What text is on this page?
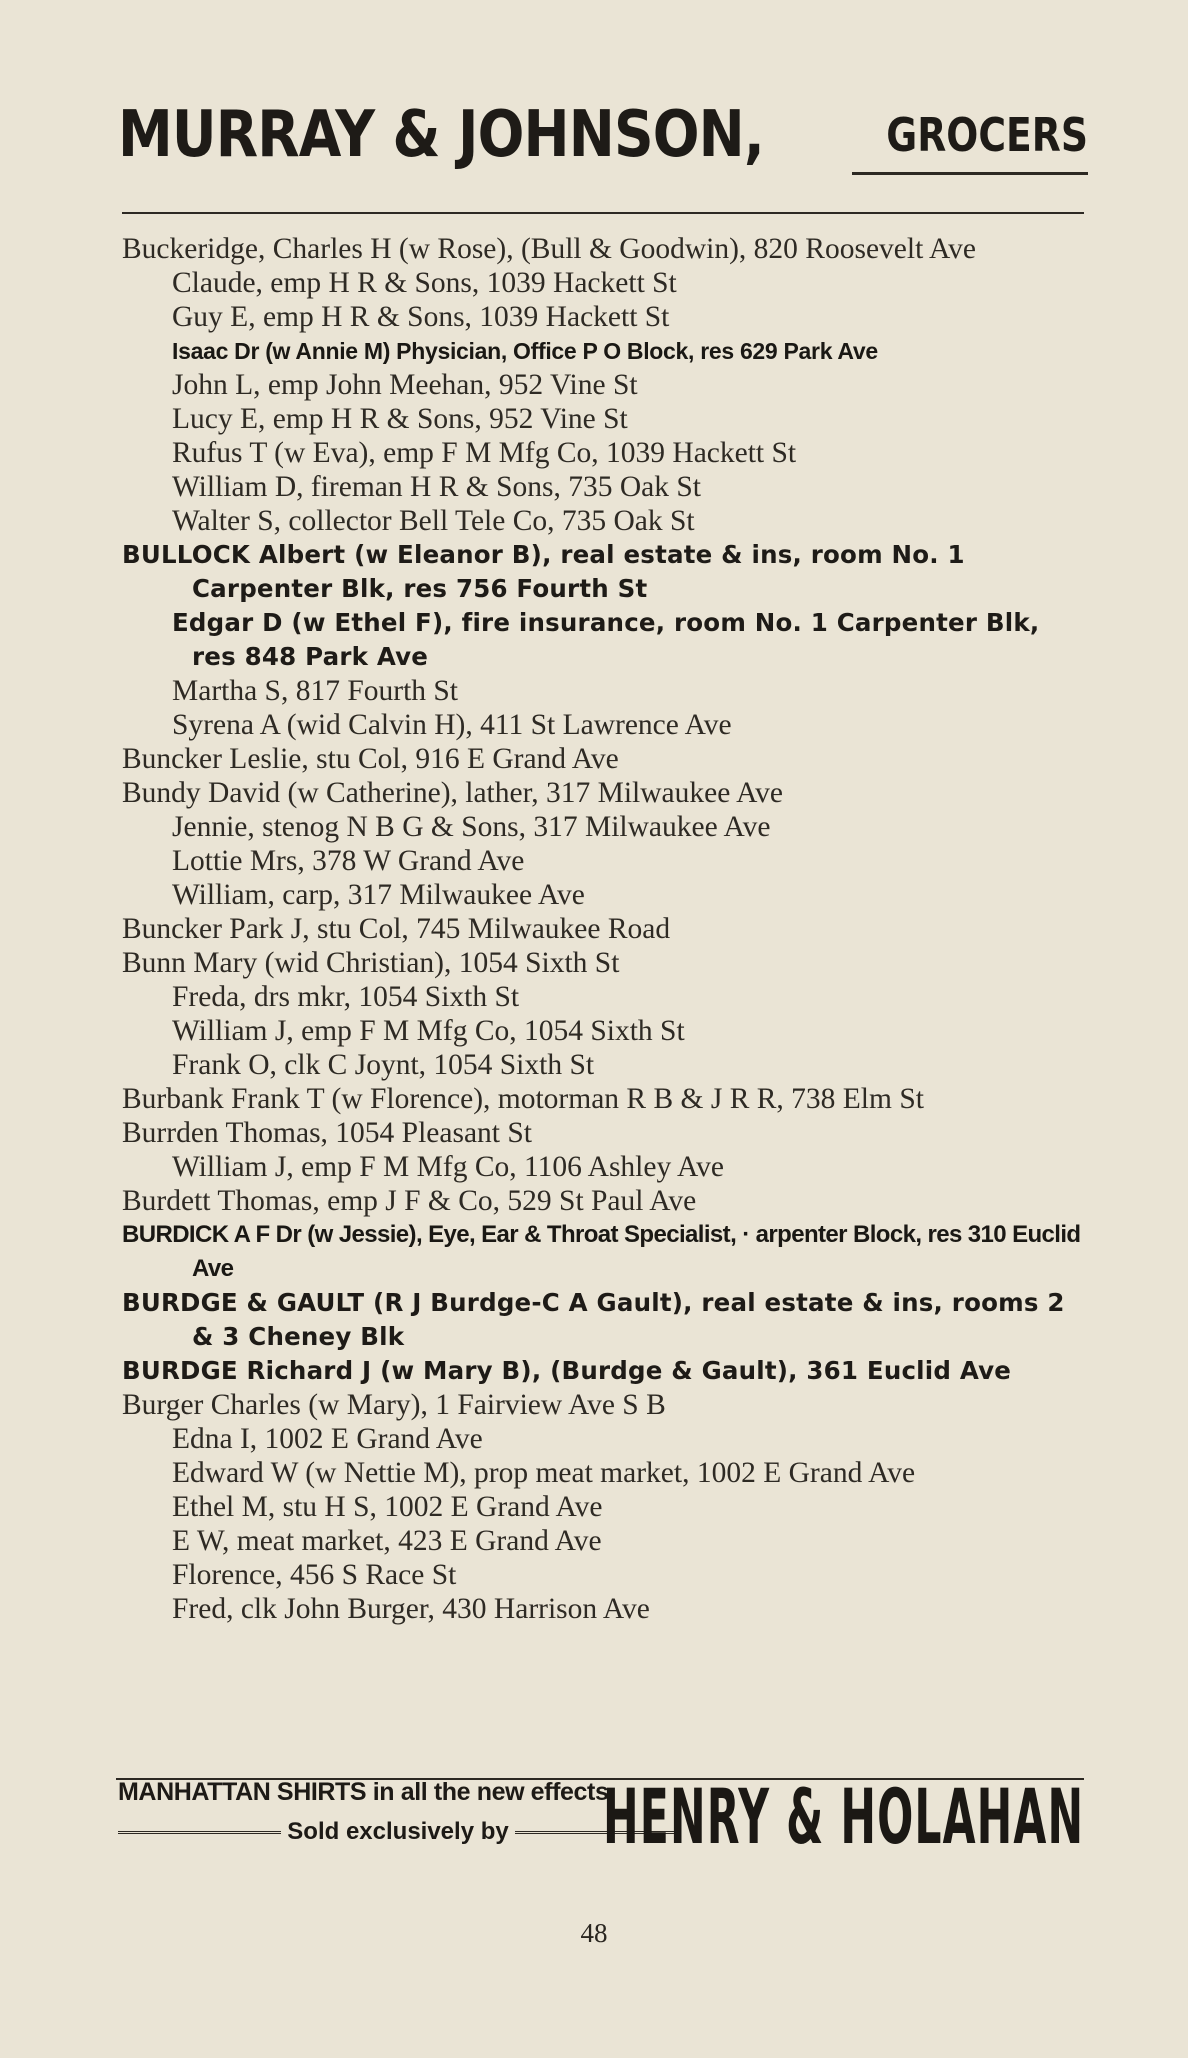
MURRAY & JOHNSON,	GROCERS
Buckeridge, Charles H (w Rose), (Bull & Goodwin), 820 Roosevelt Ave
Claude, emp H R & Sons, 1039 Hackett St
Guy E, emp H R & Sons, 1039 Hackett St
Isaac Dr (w Annie M) Physician, Office P O Block, res 629 Park Ave
John L, emp John Meehan, 952 Vine St
Lucy E, emp H R & Sons, 952 Vine St
Rufus T (w Eva), emp F M Mfg Co, 1039 Hackett St
William D, fireman H R & Sons, 735 Oak St
Walter S, collector Bell Tele Co, 735 Oak St
BULLOCK Albert (w Eleanor B), real estate & ins, room No. 1 Carpenter Blk, res 756 Fourth St
Edgar D (w Ethel F), fire insurance, room No. 1 Carpenter Blk, res 848 Park Ave
Martha S, 817 Fourth St
Syrena A (wid Calvin H), 411 St Lawrence Ave
Buncker Leslie, stu Col, 916 E Grand Ave
Bundy David (w Catherine), lather, 317 Milwaukee Ave
Jennie, stenog N B G & Sons, 317 Milwaukee Ave
Lottie Mrs, 378 W Grand Ave
William, carp, 317 Milwaukee Ave
Buncker Park J, stu Col, 745 Milwaukee Road
Bunn Mary (wid Christian), 1054 Sixth St
Freda, drs mkr, 1054 Sixth St
William J, emp F M Mfg Co, 1054 Sixth St
Frank O, clk C Joynt, 1054 Sixth St
Burbank Frank T (w Florence), motorman R B & J R R, 738 Elm St
Burrden Thomas, 1054 Pleasant St
William J, emp F M Mfg Co, 1106 Ashley Ave
Burdett Thomas, emp J F & Co, 529 St Paul Ave
BURDICK A F Dr (w Jessie), Eye, Ear & Throat Specialist, · arpenter Block, res 310 Euclid Ave
BURDGE & GAULT (R J Burdge-C A Gault), real estate & ins, rooms 2 & 3 Cheney Blk
BURDGE Richard J (w Mary B), (Burdge & Gault), 361 Euclid Ave
Burger Charles (w Mary), 1 Fairview Ave S B
Edna I, 1002 E Grand Ave
Edward W (w Nettie M), prop meat market, 1002 E Grand Ave
Ethel M, stu H S, 1002 E Grand Ave
E W, meat market, 423 E Grand Ave
Florence, 456 S Race St
Fred, clk John Burger, 430 Harrison Ave
MANHATTAN SHIRTS in all the new effects.
Sold exclusively by HENRY & HOLAHAN
48
